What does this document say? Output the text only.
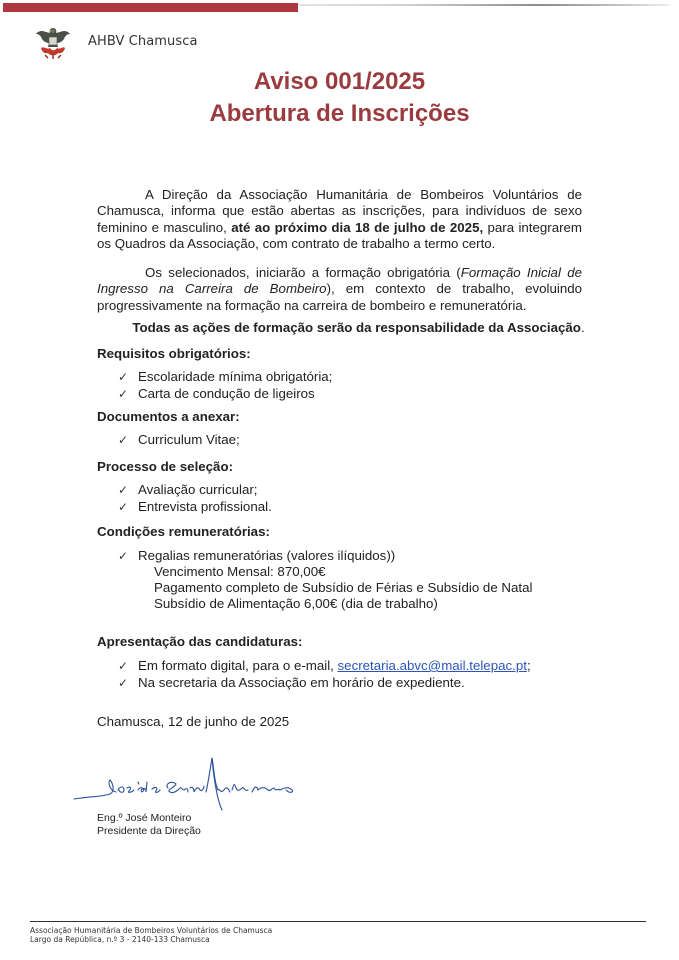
AHBV Chamusca
Aviso 001/2025
Abertura de Inscrições
A Direção da Associação Humanitária de Bombeiros Voluntários de Chamusca, informa que estão abertas as inscrições, para indivíduos de sexo feminino e masculino, até ao próximo dia 18 de julho de 2025, para integrarem os Quadros da Associação, com contrato de trabalho a termo certo.
Os selecionados, iniciarão a formação obrigatória (Formação Inicial de Ingresso na Carreira de Bombeiro), em contexto de trabalho, evoluindo progressivamente na formação na carreira de bombeiro e remuneratória.
Todas as ações de formação serão da responsabilidade da Associação.
Requisitos obrigatórios:
✓ Escolaridade mínima obrigatória;
✓ Carta de condução de ligeiros
Documentos a anexar:
✓ Curriculum Vitae;
Processo de seleção:
✓ Avaliação curricular;
✓ Entrevista profissional.
Condições remuneratórias:
✓ Regalias remuneratórias (valores ilíquidos))
Vencimento Mensal: 870,00€
Pagamento completo de Subsídio de Férias e Subsídio de Natal
Subsídio de Alimentação 6,00€ (dia de trabalho)
Apresentação das candidaturas:
✓ Em formato digital, para o e-mail, secretaria.abvc@mail.telepac.pt;
✓ Na secretaria da Associação em horário de expediente.
Chamusca, 12 de junho de 2025
Eng.º José Monteiro
Presidente da Direção
Associação Humanitária de Bombeiros Voluntários de Chamusca
Largo da República, n.º 3 - 2140-133 Chamusca
